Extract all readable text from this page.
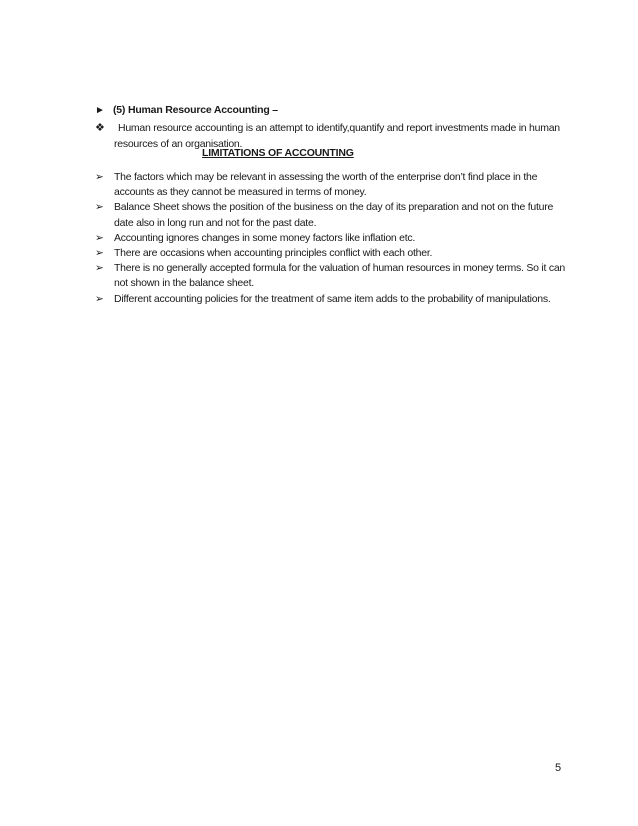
► (5) Human Resource Accounting –
❖	Human resource accounting is an attempt to identify,quantify and report investments made in human resources of an organisation.
LIMITATIONS OF ACCOUNTING
➢ The factors which may be relevant in assessing the worth of the enterprise don’t find place in the accounts as they cannot be measured in terms of money.
➢ Balance Sheet shows the position of the business on the day of its preparation and not on the future date also in long run and not for the past date.
➢ Accounting ignores changes in some money factors like inflation etc.
➢ There are occasions when accounting principles conflict with each other.
➢ There is no generally accepted formula for the valuation of human resources in money terms. So it can not shown in the balance sheet.
➢ Different accounting policies for the treatment of same item adds to the probability of manipulations.
5
